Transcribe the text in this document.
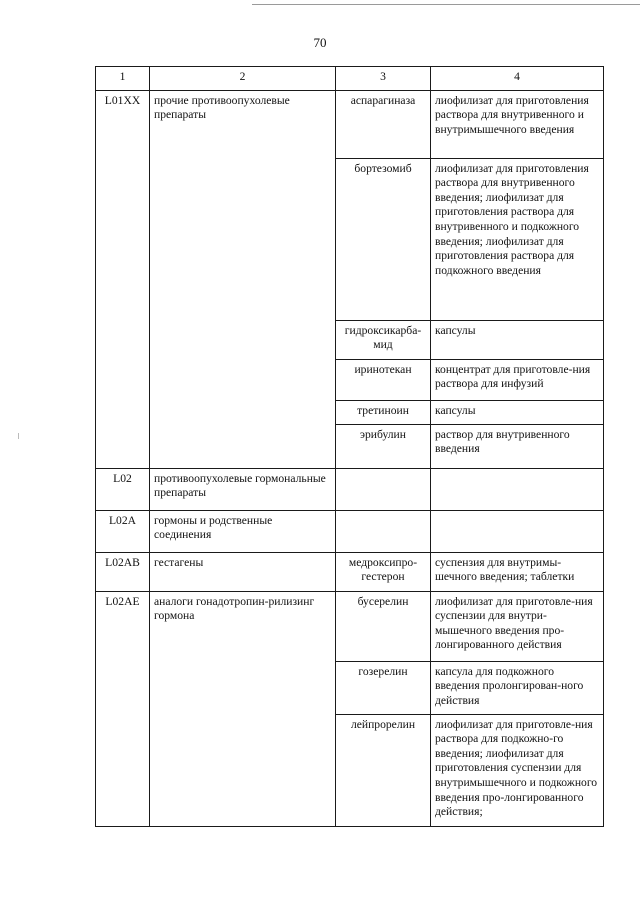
70
1	2	3	4
L01XX	прочие противоопухолевые препараты	аспарагиназа	лиофилизат для приготовления раствора для внутривенного и внутримышечного введения
		бортезомиб	лиофилизат для приготовления раствора для внутривенного введения; лиофилизат для приготовления раствора для внутривенного и подкожного введения; лиофилизат для приготовления раствора для подкожного введения
		гидроксикарба-мид	капсулы
		иринотекан	концентрат для приготовле-ния раствора для инфузий
		третиноин	капсулы
		эрибулин	раствор для внутривенного введения
L02	противоопухолевые гормональные препараты		
L02A	гормоны и родственные соединения		
L02AB	гестагены	медроксипро-гестерон	суспензия для внутримы-шечного введения; таблетки
L02AE	аналоги гонадотропин-рилизинг гормона	бусерелин	лиофилизат для приготовле-ния суспензии для внутри-мышечного введения про-лонгированного действия
		гозерелин	капсула для подкожного введения пролонгирован-ного действия
		лейпрорелин	лиофилизат для приготовле-ния раствора для подкожно-го введения; лиофилизат для приготовления суспензии для внутримышечного и подкожного введения про-лонгированного действия;
